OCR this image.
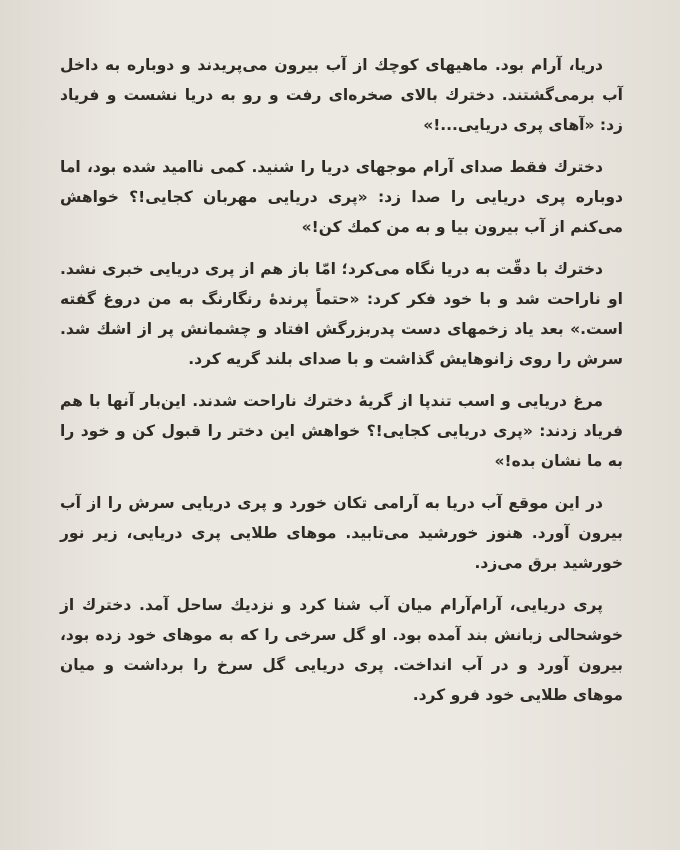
دریا، آرام بود. ماهیهای کوچك از آب بیرون می‌پریدند و دوباره به داخل آب برمی‌گشتند. دخترك بالای صخره‌ای رفت و رو به دریا نشست و فریاد زد: «آهای پری دریایی...!»

دخترك فقط صدای آرام موجهای دریا را شنید. کمی ناامید شده بود، اما دوباره پری دریایی را صدا زد: «پری دریایی مهربان کجایی!؟ خواهش می‌کنم از آب بیرون بیا و به من کمك کن!»

دخترك با دقّت به دریا نگاه می‌کرد؛ امّا باز هم از پری دریایی خبری نشد. او ناراحت شد و با خود فکر کرد: «حتماً پرندهٔ رنگارنگ به من دروغ گفته است.» بعد یاد زخمهای دست پدربزرگش افتاد و چشمانش پر از اشك شد. سرش را روی زانوهایش گذاشت و با صدای بلند گریه کرد.

مرغ دریایی و اسب تندپا از گریهٔ دخترك ناراحت شدند. این‌بار آنها با هم فریاد زدند: «پری دریایی کجایی!؟ خواهش این دختر را قبول کن و خود را به ما نشان بده!»

در این موقع آب دریا به آرامی تکان خورد و پری دریایی سرش را از آب بیرون آورد. هنوز خورشید می‌تابید. موهای طلایی پری دریایی، زیر نور خورشید برق می‌زد.

پری دریایی، آرام‌آرام میان آب شنا کرد و نزدیك ساحل آمد. دخترك از خوشحالی زبانش بند آمده بود. او گل سرخی را که به موهای خود زده بود، بیرون آورد و در آب انداخت. پری دریایی گل سرخ را برداشت و میان موهای طلایی خود فرو کرد.
